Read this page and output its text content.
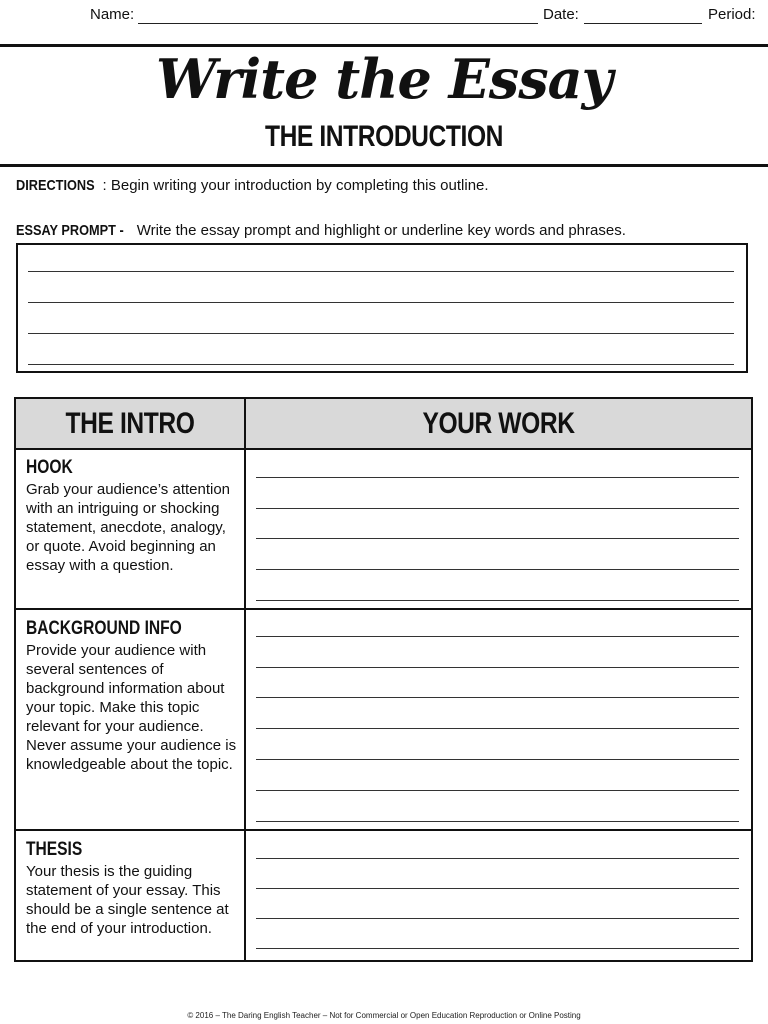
Name:	Date:	Period:
Write the Essay
THE INTRODUCTION
DIRECTIONS : Begin writing your introduction by completing this outline.
ESSAY PROMPT -Write the essay prompt and highlight or underline key words and phrases.
THE INTRO	YOUR WORK
HOOK
Grab your audience’s attention with an intriguing or shocking statement, anecdote, analogy, or quote. Avoid beginning an essay with a question.
BACKGROUND INFO
Provide your audience with several sentences of background information about your topic. Make this topic relevant for your audience. Never assume your audience is knowledgeable about the topic.
THESIS
Your thesis is the guiding statement of your essay. This should be a single sentence at the end of your introduction.
© 2016 – The Daring English Teacher – Not for Commercial or Open Education Reproduction or Online Posting
